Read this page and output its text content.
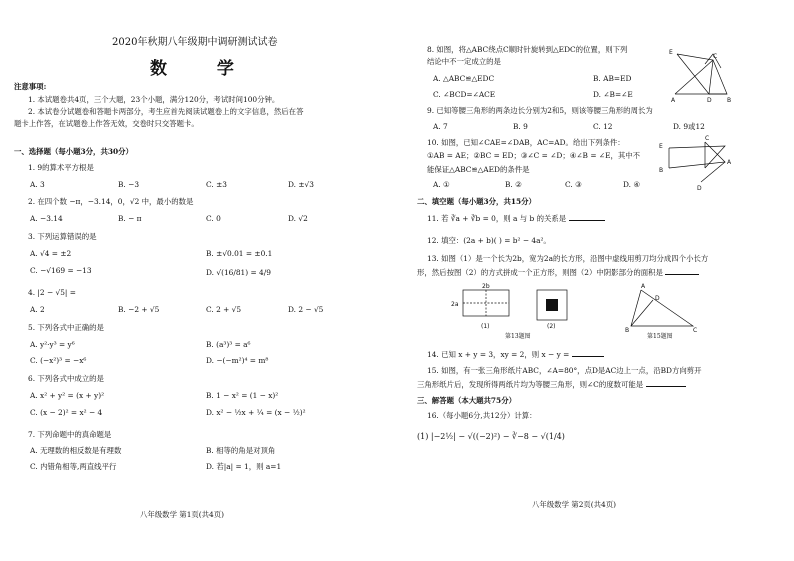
2020年秋期八年级期中调研测试试卷
数 学
注意事项:
1. 本试题卷共4页，三个大题，23个小题，满分120分，考试时间100分钟。
2. 本试卷分试题卷和答题卡两部分，考生应首先阅读试题卷上的文字信息，然后在答
题卡上作答，在试题卷上作答无效，交卷时只交答题卡。
一、选择题（每小题3分，共30分）
1. 9的算术平方根是
A. 3	B. −3	C. ±3	D. ±√3
2. 在四个数 −π，−3.14，0，√2 中，最小的数是
A. −3.14	B. − π	C. 0	D. √2
3. 下列运算错误的是
A. √4 = ±2	B. ±√0.01 = ±0.1
C. −√169 = −13	D. √(16/81) = 4/9
4. |2 − √5| =
A. 2	B. −2 + √5	C. 2 + √5	D. 2 − √5
5. 下列各式中正确的是
A. y²·y³ = y⁶	B. (a³)³ = a⁶
C. (−x²)³ = −x⁶	D. −(−m²)⁴ = m⁸
6. 下列各式中成立的是
A. x² + y² = (x + y)²	B. 1 − x² = (1 − x)²
C. (x − 2)² = x² − 4	D. x² − ½x + ¼ = (x − ½)²
7. 下列命题中的真命题是
A. 无理数的相反数是有理数	B. 相等的角是对顶角
C. 内错角相等,两直线平行	D. 若|a| = 1，则 a=1
八年级数学 第1页(共4页)
8. 如图，将△ABC绕点C顺时针旋转到△EDC的位置，则下列
结论中不一定成立的是
A. △ABC≌△EDC	B. AB=ED
C. ∠BCD=∠ACE	D. ∠B=∠E
E
C
A	D	B
9. 已知等腰三角形的两条边长分别为2和5，则该等腰三角形的周长为
A. 7	B. 9	C. 12	D. 9或12
10. 如图，已知∠CAE=∠DAB，AC=AD。给出下列条件：
①AB = AE；②BC = ED；③∠C = ∠D；④∠B = ∠E，其中不
能保证△ABC≌△AED的条件是
A. ①	B. ②	C. ③	D. ④
E
C
B
A
D
二、填空题（每小题3分，共15分）
11. 若 ∛a + ∛b = 0，则 a 与 b 的关系是
12. 填空：(2a + b)( ) = b² − 4a²。
13. 如图（1）是一个长为2b，宽为2a的长方形，沿图中虚线用剪刀均分成四个小长方
形，然后按图（2）的方式拼成一个正方形，则图（2）中阴影部分的面积是
2b
2a
(1)	(2)
第13题图
A
D
B	C
第15题图
14. 已知 x + y = 3，xy = 2，则 x − y =
15. 如图，有一张三角形纸片ABC，∠A=80°，点D是AC边上一点，沿BD方向剪开
三角形纸片后，发现所得两纸片均为等腰三角形，则∠C的度数可能是
三、解答题（本大题共75分）
16.（每小题6分,共12分）计算：
(1) |−2½| − √((−2)²) − ∛−8 − √(1/4)
八年级数学 第2页(共4页)
